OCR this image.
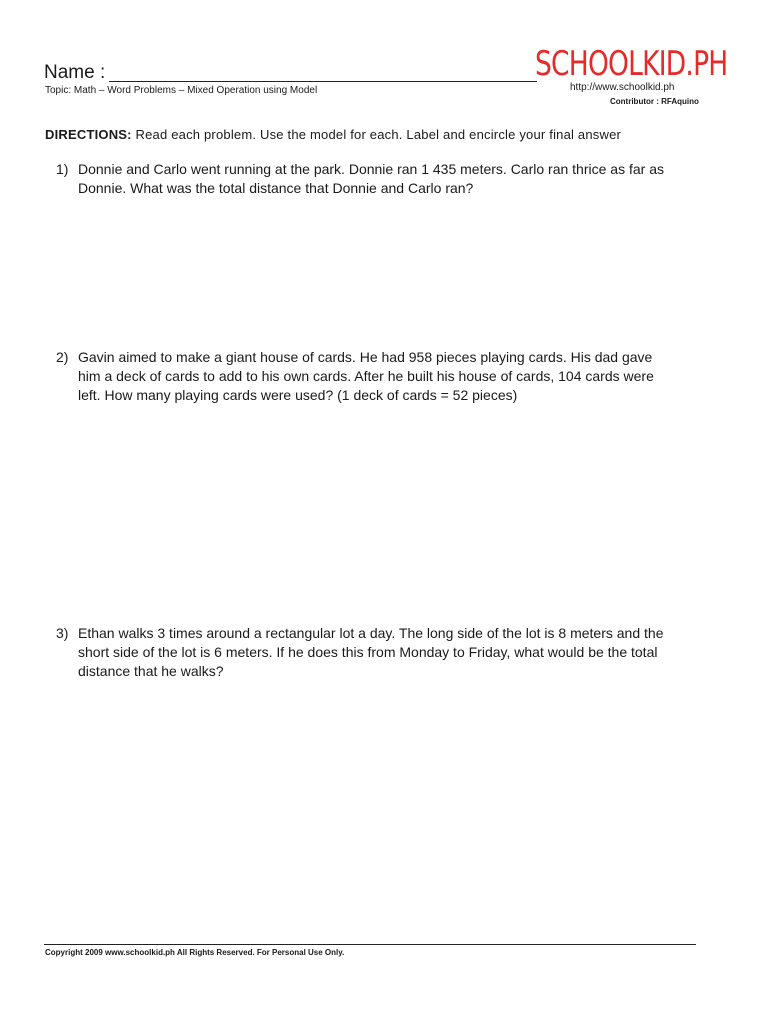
Name :
Topic: Math – Word Problems – Mixed Operation using Model
SCHOOLKID.PH
http://www.schoolkid.ph
Contributor : RFAquino
DIRECTIONS: Read each problem. Use the model for each. Label and encircle your final answer
1) Donnie and Carlo went running at the park. Donnie ran 1 435 meters. Carlo ran thrice as far as Donnie. What was the total distance that Donnie and Carlo ran?
2) Gavin aimed to make a giant house of cards. He had 958 pieces playing cards. His dad gave him a deck of cards to add to his own cards. After he built his house of cards, 104 cards were left. How many playing cards were used? (1 deck of cards = 52 pieces)
3) Ethan walks 3 times around a rectangular lot a day. The long side of the lot is 8 meters and the short side of the lot is 6 meters. If he does this from Monday to Friday, what would be the total distance that he walks?
Copyright 2009 www.schoolkid.ph All Rights Reserved. For Personal Use Only.
